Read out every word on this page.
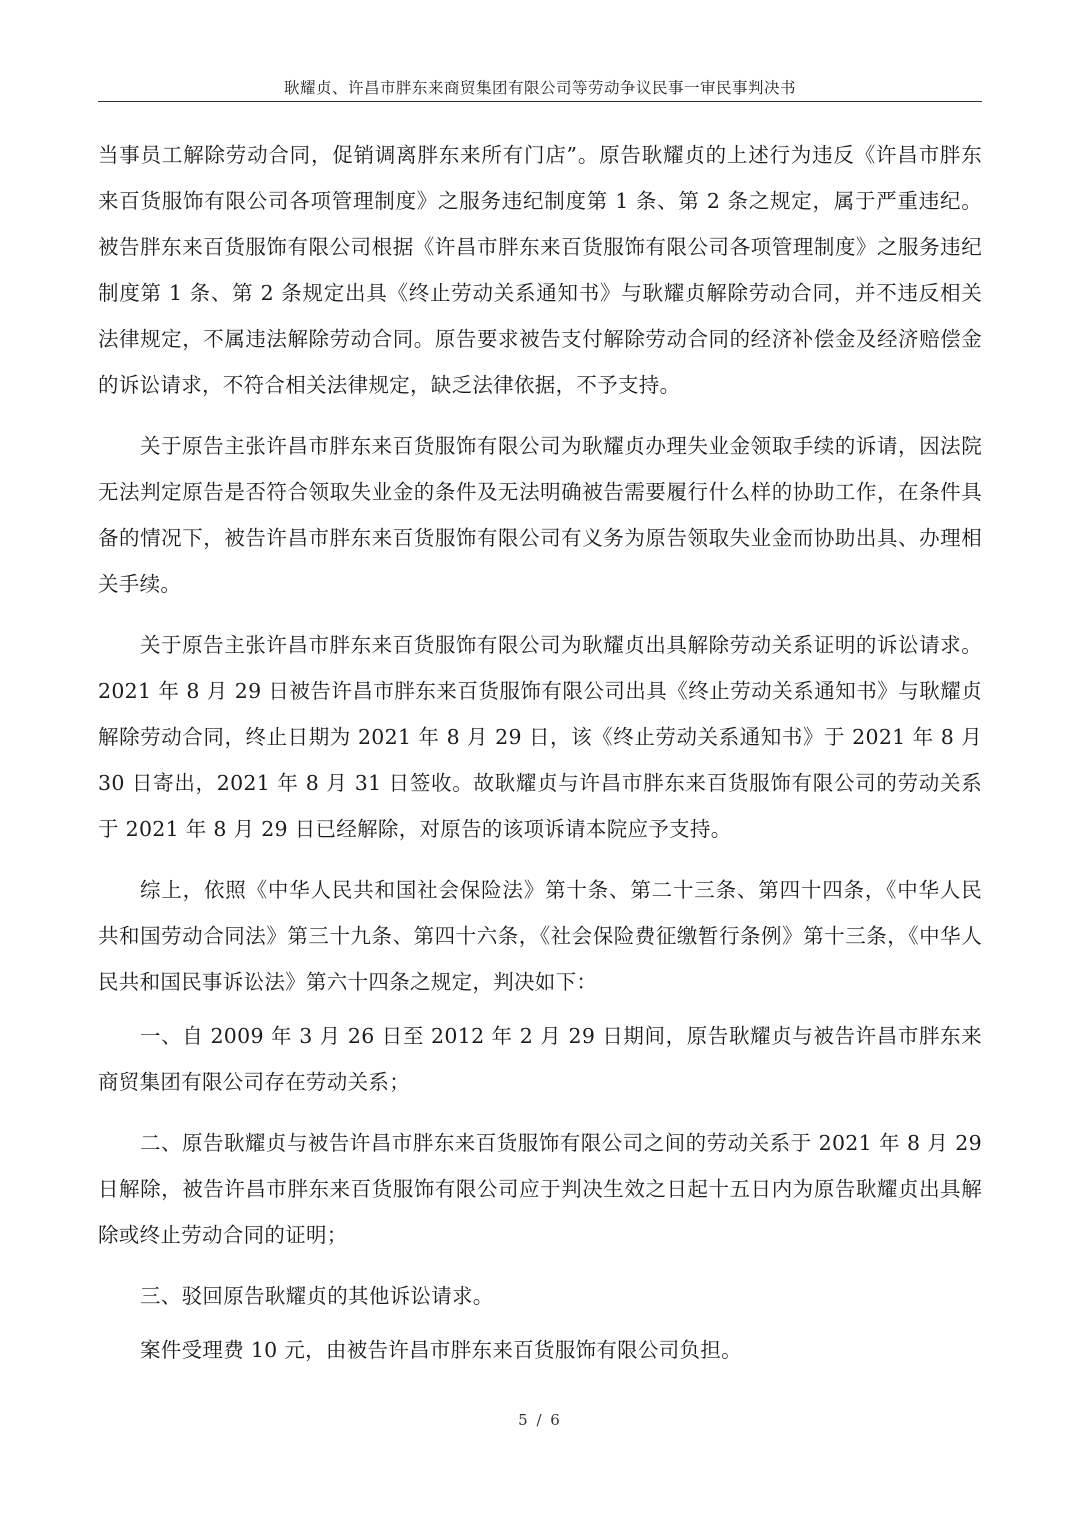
耿耀贞、许昌市胖东来商贸集团有限公司等劳动争议民事一审民事判决书

当事员工解除劳动合同，促销调离胖东来所有门店”。原告耿耀贞的上述行为违反《许昌市胖东来百货服饰有限公司各项管理制度》之服务违纪制度第 1 条、第 2 条之规定，属于严重违纪。被告胖东来百货服饰有限公司根据《许昌市胖东来百货服饰有限公司各项管理制度》之服务违纪制度第 1 条、第 2 条规定出具《终止劳动关系通知书》与耿耀贞解除劳动合同，并不违反相关法律规定，不属违法解除劳动合同。原告要求被告支付解除劳动合同的经济补偿金及经济赔偿金的诉讼请求，不符合相关法律规定，缺乏法律依据，不予支持。

关于原告主张许昌市胖东来百货服饰有限公司为耿耀贞办理失业金领取手续的诉请，因法院无法判定原告是否符合领取失业金的条件及无法明确被告需要履行什么样的协助工作，在条件具备的情况下，被告许昌市胖东来百货服饰有限公司有义务为原告领取失业金而协助出具、办理相关手续。

关于原告主张许昌市胖东来百货服饰有限公司为耿耀贞出具解除劳动关系证明的诉讼请求。2021 年 8 月 29 日被告许昌市胖东来百货服饰有限公司出具《终止劳动关系通知书》与耿耀贞解除劳动合同，终止日期为 2021 年 8 月 29 日，该《终止劳动关系通知书》于 2021 年 8 月 30 日寄出，2021 年 8 月 31 日签收。故耿耀贞与许昌市胖东来百货服饰有限公司的劳动关系于 2021 年 8 月 29 日已经解除，对原告的该项诉请本院应予支持。

综上，依照《中华人民共和国社会保险法》第十条、第二十三条、第四十四条，《中华人民共和国劳动合同法》第三十九条、第四十六条，《社会保险费征缴暂行条例》第十三条，《中华人民共和国民事诉讼法》第六十四条之规定，判决如下：

一、自 2009 年 3 月 26 日至 2012 年 2 月 29 日期间，原告耿耀贞与被告许昌市胖东来商贸集团有限公司存在劳动关系；

二、原告耿耀贞与被告许昌市胖东来百货服饰有限公司之间的劳动关系于 2021 年 8 月 29 日解除，被告许昌市胖东来百货服饰有限公司应于判决生效之日起十五日内为原告耿耀贞出具解除或终止劳动合同的证明；

三、驳回原告耿耀贞的其他诉讼请求。

案件受理费 10 元，由被告许昌市胖东来百货服饰有限公司负担。

5 / 6
